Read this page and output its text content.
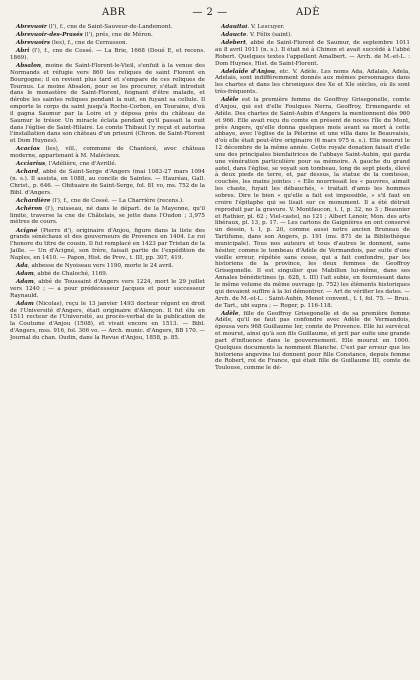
ABR	— 2 —	ADÈ

Abrevuoir (l'), f., cne de Saint-Sauveur-de-Landemont.

Abrevuoir-des-Prasés (l'), prés, cne de Méron.

Abrevuoirs (les), f., cne de Cernusson.

Abri (l'), f., cne de Cossé. — La Brie, 1668 (Doué E, et recens. 1869).

Absalon, moine de Saint-Florent-le-Vieil, s'enfuit à la venue des Normands et réfugie vers 860 les reliques de saint Florent en Bourgogne; il en revient plus tard et s'empare de ces reliques de Tournus. Le moine Absalon, pour se les procurer, s'était introduit dans le monastère de Saint-Florent, feignant d'être malade, et dérobe les saintes reliques pendant la nuit, en fuyant sa cellule. Il emporte le corps du saint jusqu'à Roche-Corbon, en Touraine, d'où il gagna Saumur par la Loire et y déposa près du château de Saumur le trésor. Un miracle éclata pendant qu'il passait la nuit dans l'église de Saint-Hilaire. Le comte Thibaut l'y reçut et autorisa l'installation dans son château d'un prieuré (Chron. de Saint-Florent et Dom Huynes).

Acacias (les), vill., commune de Chantocé, avec château moderne, appartenant à M. Malécieux.

Acciarius, l'Adélière, cne d'Avrillé.

Achard, abbé de Saint-Serge d'Angers (mai 1083-27 mars 1094 (n. s.). Il assista, en 1088, au concile de Saintes. — Hauréau, Gall. Christ., p. 646. — Obituaire de Saint-Serge, fol. 81 vo, ms. 752 de la Bibl. d'Angers.

Achardière (l'), f., cne de Cossé. — La Charrière (recens.).

Achéron (l'), ruisseau, né dans le départ. de la Mayenne, qu'il limite, traverse la cne de Châtelais, se jette dans l'Oudon ; 3,975 mètres de cours.

Acigné (Pierre d'), originaire d'Anjou, figure dans la liste des grands sénéchaux et des gouverneurs de Provence en 1404. Le roi l'honore du titre de cousin. Il fut remplacé en 1423 par Tristan de la Jaille. — Un d'Acigné, son frère, faisait partie de l'expédition de Naples, en 1410. — Papon, Hist. de Prov., t. III, pp. 307, 419.

Ada, abbesse de Nyoiseau vers 1190, morte le 24 avril.

Adam, abbé de Chaloché, 1169.

Adam, abbé de Toussaint d'Angers vers 1224, mort le 29 juillet vers 1240 ; — a pour prédécesseur Jacques et pour successeur Raynauld.

Adam (Nicolas), reçu le 13 janvier 1493 docteur régent en droit de l'Université d'Angers, était originaire d'Alençon. Il fut élu en 1511 recteur de l'Université, au procès-verbal de la publication de la Coutume d'Anjou (1508), et vivait encore en 1513. — Bibl. d'Angers, mss. 916, fol. 306 vo. — Arch. munic. d'Angers, BB 170. — Journal du chan. Oudin, dans la Revue d'Anjou, 1858, p. 85.

Adaultai. V. Lescuyer.

Adaucte. V. Félix (saint).

Adebert, abbé de Saint-Florent de Saumur, de septembre 1011 au 8 avril 1011 (n. s.). Il était né à Chinon et avait succédé à l'abbé Robert. Quelques textes l'appellent Amalbert. — Arch. de M.-et-L. : Dom Huynes, Hist. de Saint-Florent.

Adelaïde d'Anjou, etc. V. Adèle. Les noms Ada, Adalais, Adela, Adelais, sont indifféremment donnés aux mêmes personnages dans les chartes et dans les chroniques des Xe et XIe siècles, où ils sont très-fréquents.

Adèle est la première femme de Geoffroy Grisegonelle, comte d'Anjou, qui est d'elle Foulques Nerra, Geoffroy, Ermengarde et Adèle. Des chartes de Saint-Aubin d'Angers la mentionnent dès 960 et 966. Elle avait reçu du comte en présent de noces l'île du Mont, près Angers, qu'elle donna quelques mois avant sa mort à cette abbaye, avec l'église de la Pèlerine et une villa dans le Beauvaisis, d'où elle était peut-être originaire (6 mars 975 n. s.). Elle mourut le 12 décembre de la même année. Cette royale donation faisait d'elle une des principales bienfaitrices de l'abbaye Saint-Aubin, qui garda une vénération particulière pour sa mémoire. A gauche du grand autel, dans l'église, se voyait son tombeau, long de sept pieds, élevé à deux pieds de terre, et, par dessus, la statue de la comtesse, couchée, les mains jointes : « Elle nourrissait les « pauvres, aimait les chaste, fuyait les débauchés, « traitait d'amis les hommes sobres. Dire le bien « qu'elle a fait est impossible, » s'il faut en croire l'épitaphe qui se lisait sur ce monument. Il a été détruit reproduit par la gravure. V. Montfaucon, t. I, p. 32, no 3 ; Beaunier et Rathier, pl. 62 ; Viel-castel, no 121 ; Albert Lenoir, Mon. des arts libéraux, pl. 13, p. 17. — Les cartons de Gaignières en ont conservé un dessin, t. I, p. 20, comme aussi notre ancien Bruneau de Tartifume, dans son Angers, p. 191 (ms. 871 de la Bibliothèque municipale). Tous nos auteurs et tous d'autres le donnent, sans hésiter, comme le tombeau d'Adèle de Vermandois, par suite d'une vieille erreur, répétée sans cesse, qui a fait confondre, par les historiens de la province, les deux femmes de Geoffroy Grisegonelle. Il est singulier que Mabillon lui-même, dans ses Annales bénédictines (p. 628, t. III) l'ait subie, en fournissant dans le même volume du même ouvrage (p. 752) les éléments historiques qui devaient suffire à la loi démontrer. — Art de vérifier les dates. — Arch. de M.-et-L. : Saint-Aubin, Menot convent., t. I, fol. 75. — Bruu. de Tart., ubi supra ; — Roger, p. 116-118.

Adèle, fille de Geoffroy Grisegonelle et de sa première femme Adèle, qu'il ne faut pas confondre avec Adèle de Vermandois, épousa vers 968 Guillaume Ier, comte de Provence. Elle lui survécut et mourut, ainsi qu'à son fils Guillaume, et prit par suite une grande part d'influence dans le gouvernement. Elle mourut en 1000. Quelques documents la nomment Blanche. C'est par erreur que les historiens angevins lui donnent pour fille Constance, depuis femme de Robert, roi de France, qui était fille de Guillaume III, comte de Toulouse, comme le dé-
